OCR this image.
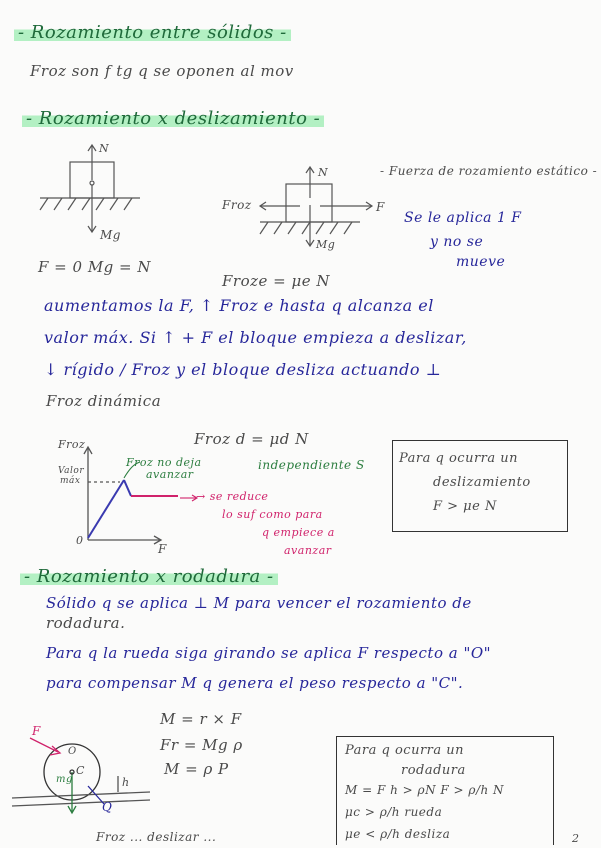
- Rozamiento entre sólidos -
Froz son f tg q se oponen al mov
- Rozamiento x deslizamiento -
N
Mg
F = 0 Mg = N
N
Froz	F
Mg
Froze = μe N
- Fuerza de rozamiento estático -
Se le aplica 1 F
y no se
mueve
aumentamos la F, ↑ Froz e hasta q alcanza el
valor máx. Si ↑ + F el bloque empieza a deslizar,
↓ rígido / Froz y el bloque desliza actuando ⊥
Froz dinámica
Froz d = μd N
independiente S
Froz
Valor
máx
F
0
Froz no deja
avanzar
→ se reduce
lo suf como para
q empiece a
avanzar
Para q ocurra un
deslizamiento
F > μe N
- Rozamiento x rodadura -
Sólido q se aplica ⊥ M para vencer el rozamiento de
rodadura.
Para q la rueda siga girando se aplica F respecto a "O"
para compensar M q genera el peso respecto a "C".
M = r × F
Fr = Mg ρ
M = ρ P
F
C
O
mg	h
Q
Para q ocurra un
rodadura
M = F h > ρN F > ρ/h N
μc > ρ/h rueda
μe < ρ/h desliza
Froz ... deslizar ...	2
